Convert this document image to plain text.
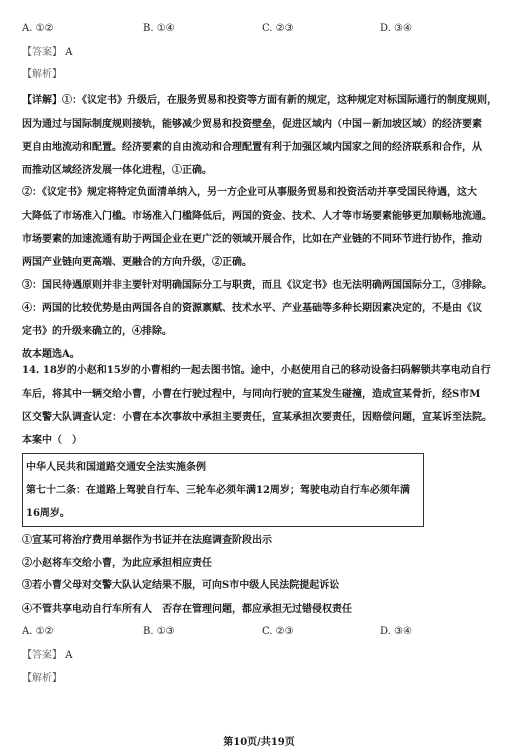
A. ①②	B. ①④	C. ②③	D. ③④
【答案】 A
【解析】
【详解】①：《议定书》升级后，在服务贸易和投资等方面有新的规定，这种规定对标国际通行的制度规则，
因为通过与国际制度规则接轨，能够减少贸易和投资壁垒，促进区域内（中国－新加坡区域）的经济要素
更自由地流动和配置。经济要素的自由流动和合理配置有利于加强区域内国家之间的经济联系和合作，从
而推动区域经济发展一体化进程，①正确。
②：《议定书》规定将特定负面清单纳入，另一方企业可从事服务贸易和投资活动并享受国民待遇，这大
大降低了市场准入门槛。市场准入门槛降低后，两国的资金、技术、人才等市场要素能够更加顺畅地流通。
市场要素的加速流通有助于两国企业在更广泛的领域开展合作，比如在产业链的不同环节进行协作，推动
两国产业链向更高端、更融合的方向升级，②正确。
③：国民待遇原则并非主要针对明确国际分工与职责，而且《议定书》也无法明确两国国际分工，③排除。
④：两国的比较优势是由两国各自的资源禀赋、技术水平、产业基础等多种长期因素决定的，不是由《议
定书》的升级来确立的，④排除。
故本题选A。
14. 18岁的小赵和15岁的小曹相约一起去图书馆。途中，小赵使用自己的移动设备扫码解锁共享电动自行
车后，将其中一辆交给小曹，小曹在行驶过程中，与同向行驶的宣某发生碰撞，造成宣某骨折，经S市M
区交警大队调查认定：小曹在本次事故中承担主要责任，宣某承担次要责任，因赔偿问题，宣某诉至法院。
本案中（　）
中华人民共和国道路交通安全法实施条例
第七十二条：在道路上驾驶自行车、三轮车必须年满12周岁；驾驶电动自行车必须年满
16周岁。
①宣某可将治疗费用单据作为书证并在法庭调查阶段出示
②小赵将车交给小曹，为此应承担相应责任
③若小曹父母对交警大队认定结果不服，可向S市中级人民法院提起诉讼
④不管共享电动自行车所有人　否存在管理问题，都应承担无过错侵权责任
A. ①②	B. ①③	C. ②③	D. ③④
【答案】 A
【解析】
第10页/共19页
